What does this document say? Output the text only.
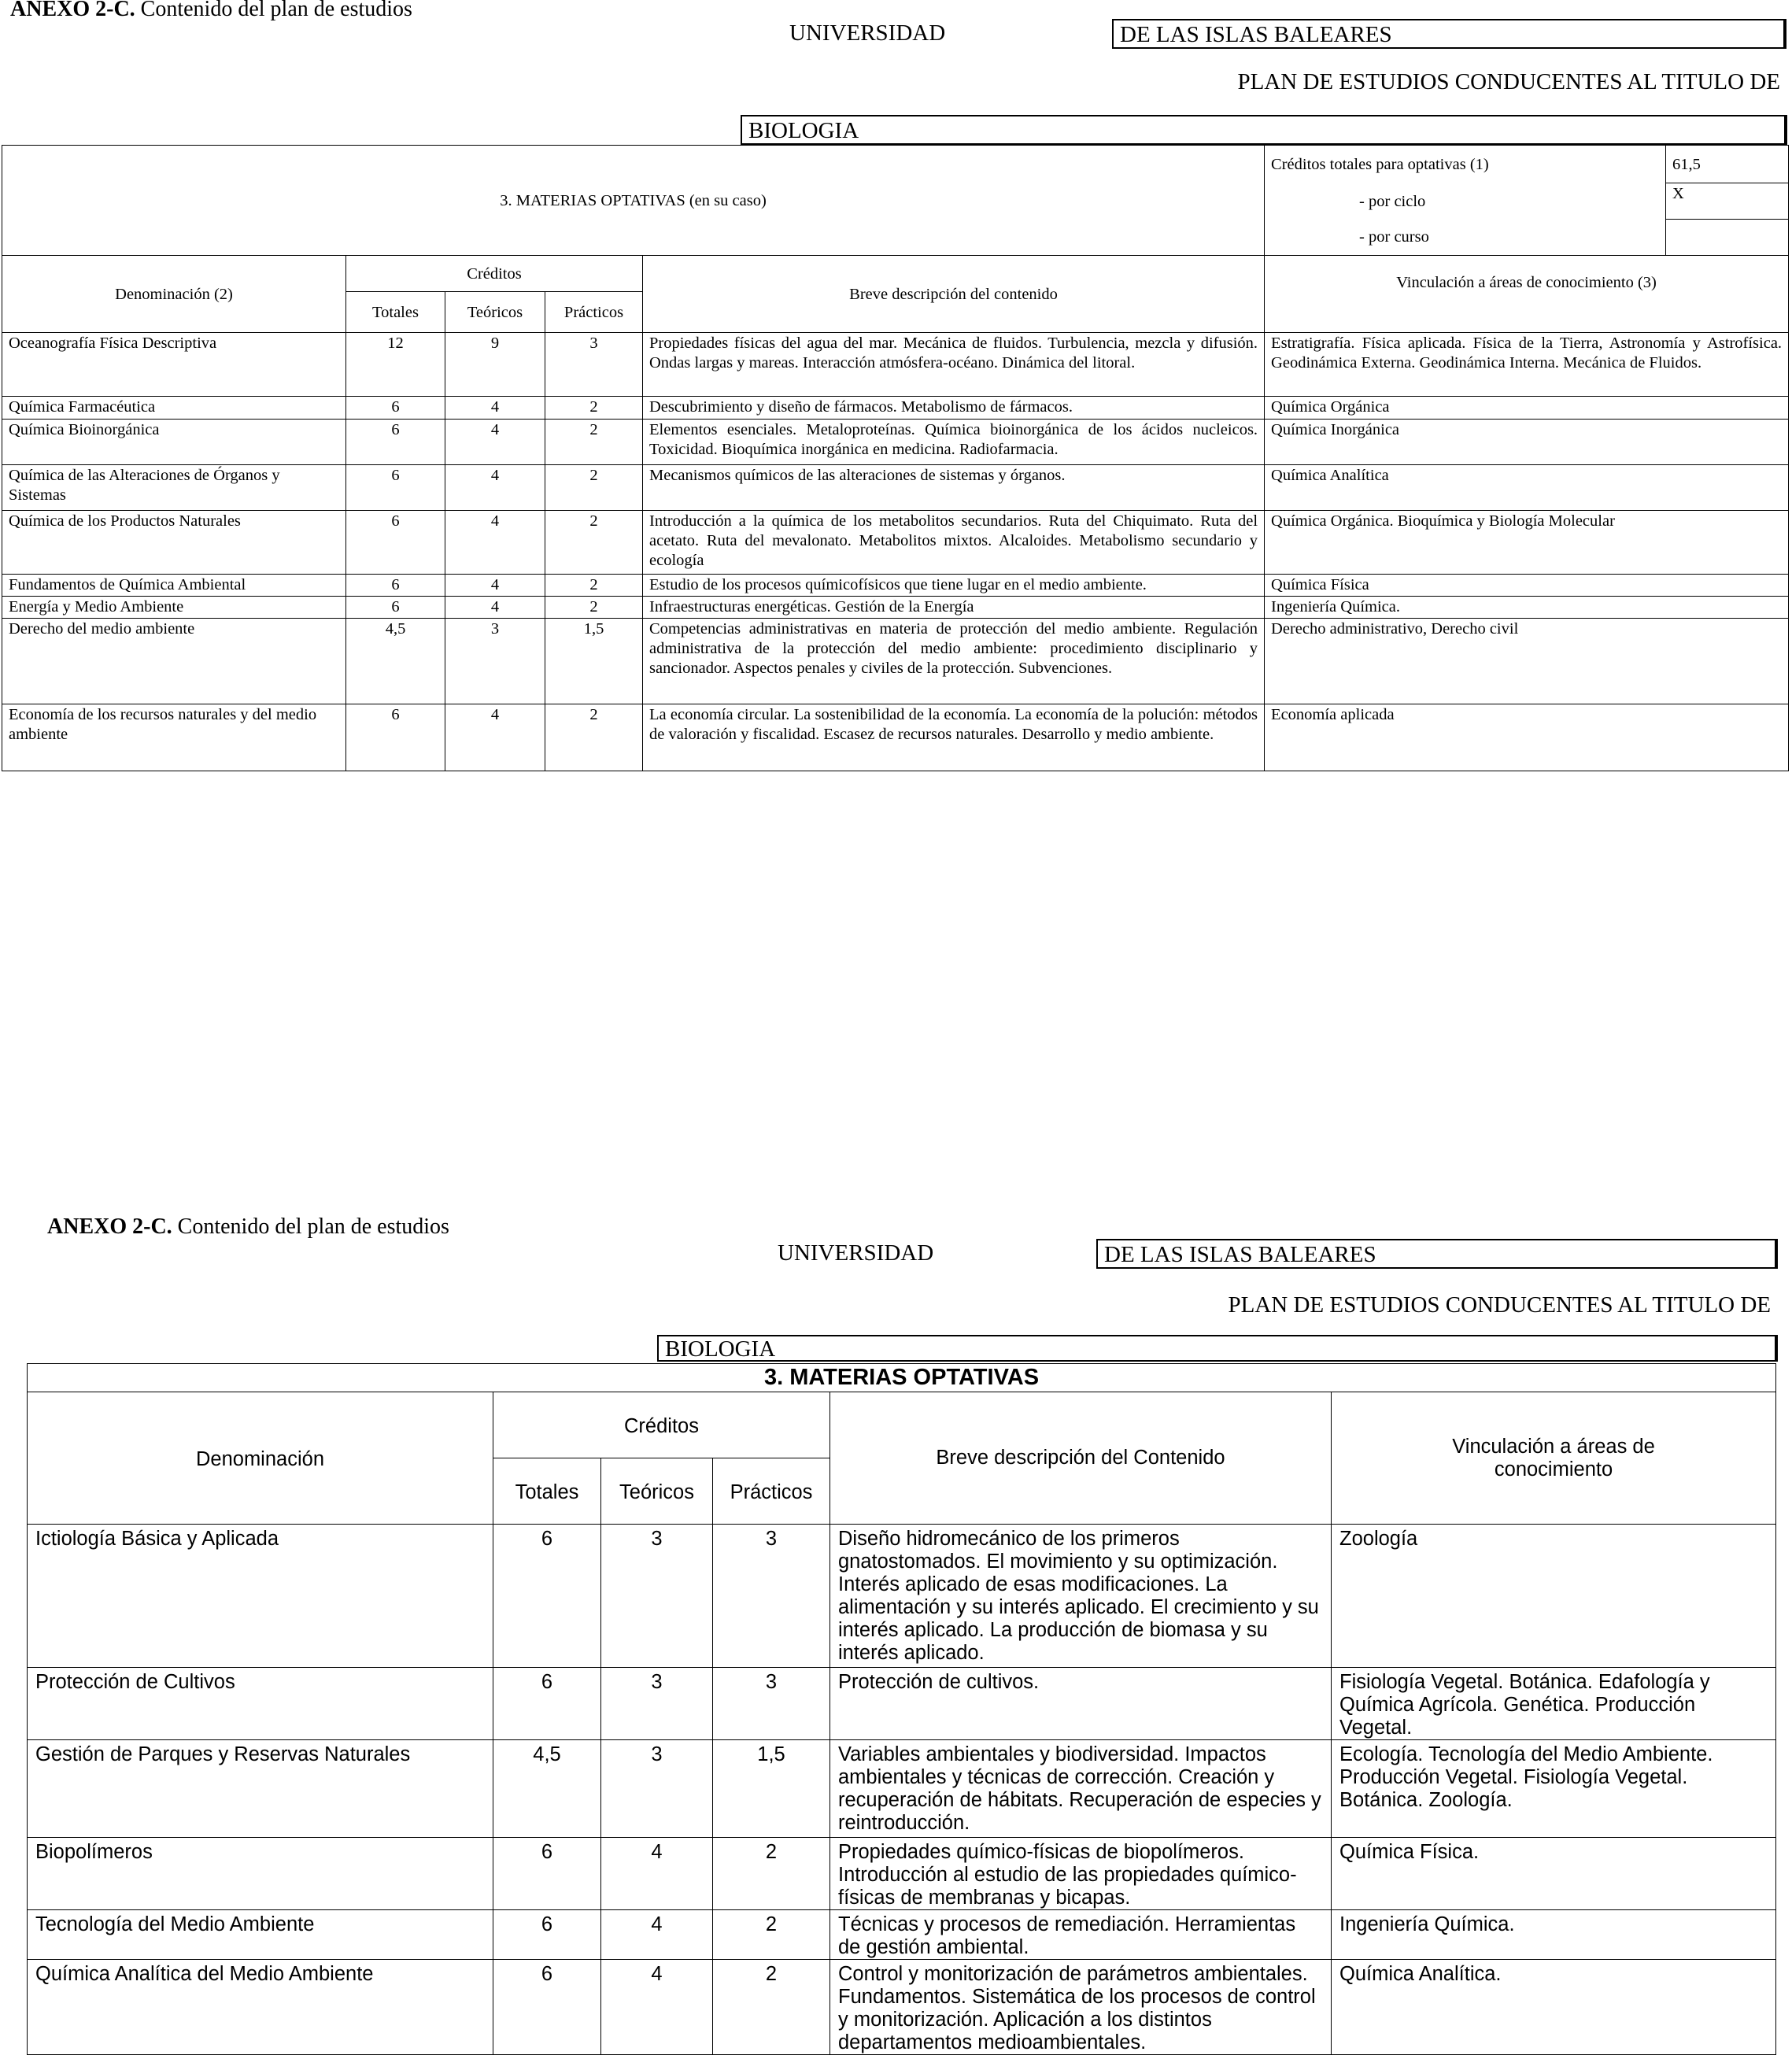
ANEXO 2-C. Contenido del plan de estudios
UNIVERSIDAD	DE LAS ISLAS BALEARES
PLAN DE ESTUDIOS CONDUCENTES AL TITULO DE
BIOLOGIA
3. MATERIAS OPTATIVAS (en su caso)					Créditos totales para optativas (1)	61,5
					- por ciclo	X
					- por curso	
Denominación (2)	Créditos			Breve descripción del contenido	Vinculación a áreas de conocimiento (3)	
	Totales	Teóricos	Prácticos			
Oceanografía Física Descriptiva	12	9	3	Propiedades físicas del agua del mar. Mecánica de fluidos. Turbulencia, mezcla y difusión. Ondas largas y mareas. Interacción atmósfera-océano. Dinámica del litoral.	Estratigrafía. Física aplicada. Física de la Tierra, Astronomía y Astrofísica. Geodinámica Externa. Geodinámica Interna. Mecánica de Fluidos.	
Química Farmacéutica	6	4	2	Descubrimiento y diseño de fármacos. Metabolismo de fármacos.	Química Orgánica	
Química Bioinorgánica	6	4	2	Elementos esenciales. Metaloproteínas. Química bioinorgánica de los ácidos nucleicos. Toxicidad. Bioquímica inorgánica en medicina. Radiofarmacia.	Química Inorgánica	
Química de las Alteraciones de Órganos y Sistemas	6	4	2	Mecanismos químicos de las alteraciones de sistemas y órganos.	Química Analítica	
Química de los Productos Naturales	6	4	2	Introducción a la química de los metabolitos secundarios. Ruta del Chiquimato. Ruta del acetato. Ruta del mevalonato. Metabolitos mixtos. Alcaloides. Metabolismo secundario y ecología	Química Orgánica. Bioquímica y Biología Molecular	
Fundamentos de Química Ambiental	6	4	2	Estudio de los procesos químicofísicos que tiene lugar en el medio ambiente.	Química Física	
Energía y Medio Ambiente	6	4	2	Infraestructuras energéticas. Gestión de la Energía	Ingeniería Química.	
Derecho del medio ambiente	4,5	3	1,5	Competencias administrativas en materia de protección del medio ambiente. Regulación administrativa de la protección del medio ambiente: procedimiento disciplinario y sancionador. Aspectos penales y civiles de la protección. Subvenciones.	Derecho administrativo, Derecho civil	
Economía de los recursos naturales y del medio ambiente	6	4	2	La economía circular. La sostenibilidad de la economía. La economía de la polución: métodos de valoración y fiscalidad. Escasez de recursos naturales. Desarrollo y medio ambiente.	Economía aplicada	
ANEXO 2-C. Contenido del plan de estudios
UNIVERSIDAD	DE LAS ISLAS BALEARES
PLAN DE ESTUDIOS CONDUCENTES AL TITULO DE
BIOLOGIA
3. MATERIAS OPTATIVAS					
Denominación	Créditos			Breve descripción del Contenido	Vinculación a áreas de conocimiento
	Totales	Teóricos	Prácticos		
Ictiología Básica y Aplicada	6	3	3	Diseño hidromecánico de los primeros gnatostomados. El movimiento y su optimización. Interés aplicado de esas modificaciones. La alimentación y su interés aplicado. El crecimiento y su interés aplicado. La producción de biomasa y su interés aplicado.	Zoología
Protección de Cultivos	6	3	3	Protección de cultivos.	Fisiología Vegetal. Botánica. Edafología y Química Agrícola. Genética. Producción Vegetal.
Gestión de Parques y Reservas Naturales	4,5	3	1,5	Variables ambientales y biodiversidad. Impactos ambientales y técnicas de corrección. Creación y recuperación de hábitats. Recuperación de especies y reintroducción.	Ecología. Tecnología del Medio Ambiente. Producción Vegetal. Fisiología Vegetal. Botánica. Zoología.
Biopolímeros	6	4	2	Propiedades químico-físicas de biopolímeros. Introducción al estudio de las propiedades químico-físicas de membranas y bicapas.	Química Física.
Tecnología del Medio Ambiente	6	4	2	Técnicas y procesos de remediación. Herramientas de gestión ambiental.	Ingeniería Química.
Química Analítica del Medio Ambiente	6	4	2	Control y monitorización de parámetros ambientales. Fundamentos. Sistemática de los procesos de control y monitorización. Aplicación a los distintos departamentos medioambientales.	Química Analítica.
